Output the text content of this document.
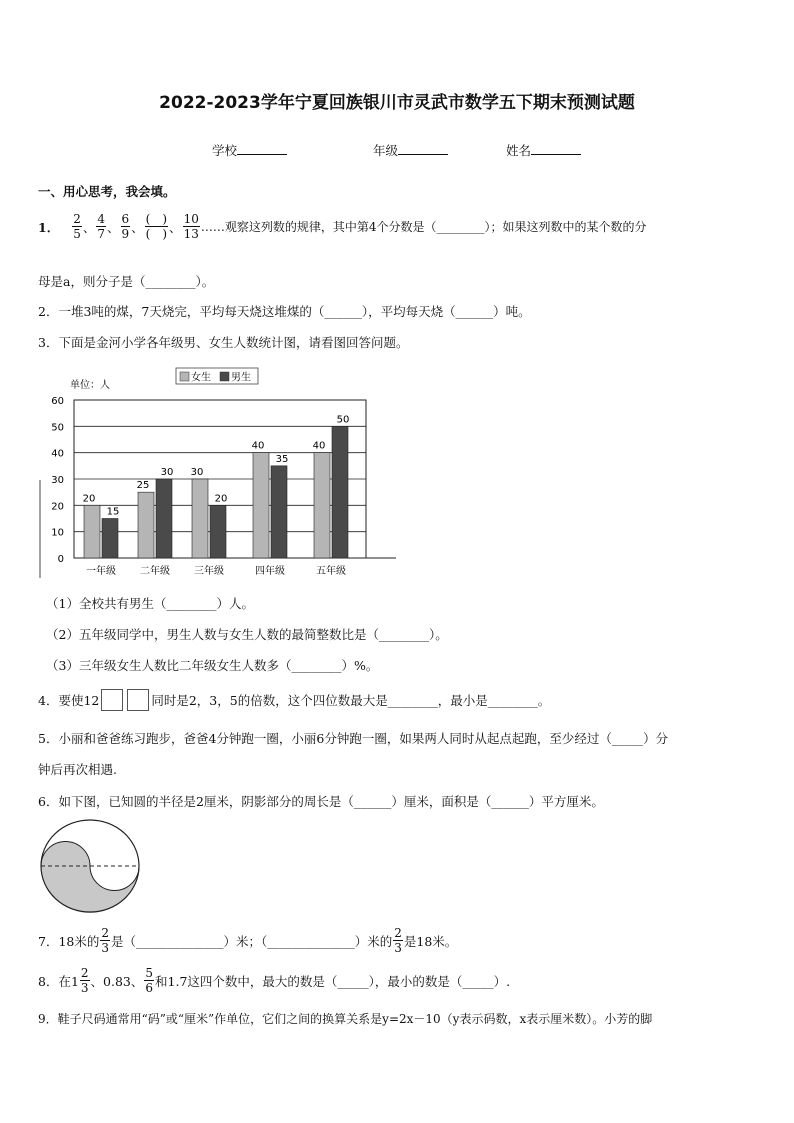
2022-2023学年宁夏回族银川市灵武市数学五下期末预测试题
学校	年级	姓名
一、用心思考，我会填。
1． $\frac{2}{5}$ 、 $\frac{4}{7}$ 、 $\frac{6}{9}$ 、 $\frac{( )}{( )}$ 、 $\frac{10}{13}$ ……观察这列数的规律，其中第4个分数是（________）；如果这列数中的某个数的分
母是a，则分子是（________）。
2．一堆3吨的煤，7天烧完，平均每天烧这堆煤的（______），平均每天烧（______）吨。
3．下面是金河小学各年级男、女生人数统计图，请看图回答问题。
0
10
20
30
40
50
60
单位：人
女生 男生
20
15
一年级
25
30
二年级
30
20
三年级
40
35
四年级
40
50
五年级
（1）全校共有男生（________）人。
（2）五年级同学中，男生人数与女生人数的最简整数比是（________）。
（3）三年级女生人数比二年级女生人数多（________）%。
4．要使12	同时是2，3，5的倍数，这个四位数最大是________，最小是________。
5．小丽和爸爸练习跑步，爸爸4分钟跑一圈，小丽6分钟跑一圈，如果两人同时从起点起跑，至少经过（_____）分
钟后再次相遇.
6．如下图，已知圆的半径是2厘米，阴影部分的周长是（______）厘米，面积是（______）平方厘米。
7．18米的 $\frac{2}{3}$ 是（______________）米；（______________）米的 $\frac{2}{3}$ 是18米。
8．在$1 \frac{2}{3}$ 、0.83、 $\frac{5}{6}$ 和1.7这四个数中，最大的数是（_____），最小的数是（_____）.
9．鞋子尺码通常用“码”或“厘米”作单位，它们之间的换算关系是y=2x－10（y表示码数，x表示厘米数）。小芳的脚
